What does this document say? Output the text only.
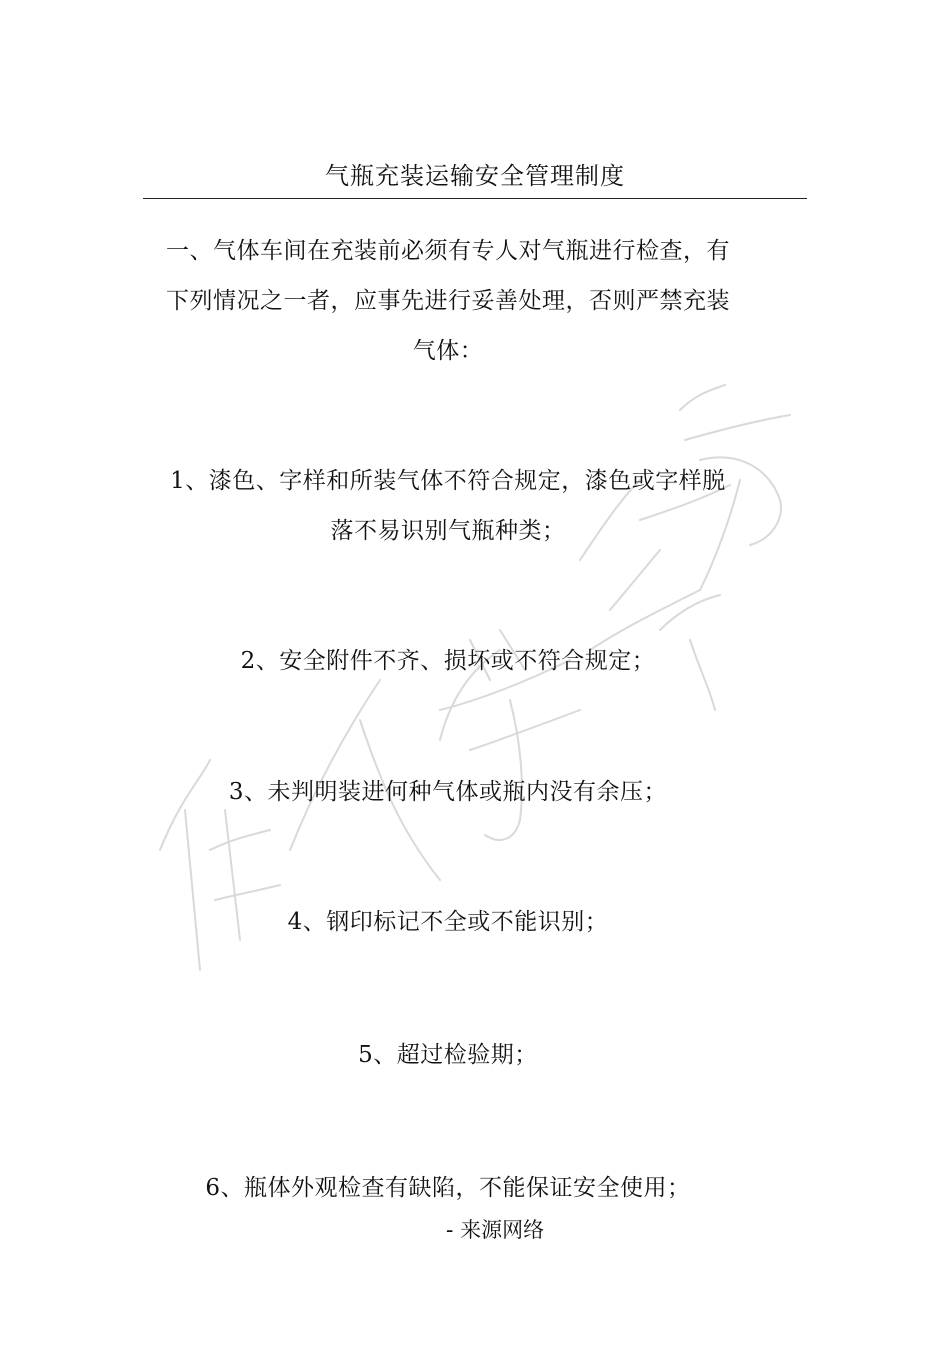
气瓶充装运输安全管理制度
一、气体车间在充装前必须有专人对气瓶进行检查，有
下列情况之一者，应事先进行妥善处理，否则严禁充装
气体：
1、漆色、字样和所装气体不符合规定，漆色或字样脱
落不易识别气瓶种类；
2、安全附件不齐、损坏或不符合规定；
3、未判明装进何种气体或瓶内没有余压；
4、钢印标记不全或不能识别；
5、超过检验期；
6、瓶体外观检查有缺陷，不能保证安全使用；
- 来源网络
